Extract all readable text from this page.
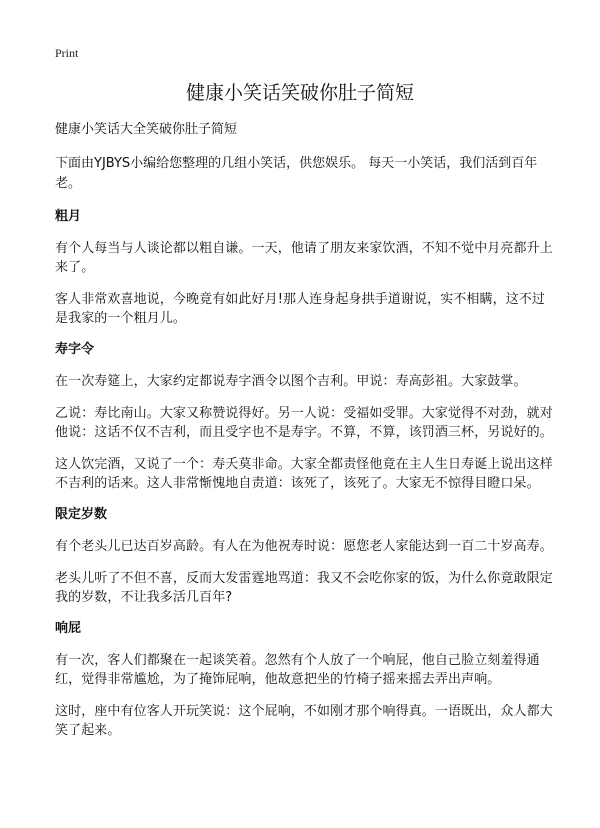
Print
健康小笑话笑破你肚子简短

健康小笑话大全笑破你肚子简短

下面由YJBYS小编给您整理的几组小笑话，供您娱乐。 每天一小笑话，我们活到百年老。

粗月

有个人每当与人谈论都以粗自谦。一天，他请了朋友来家饮酒，不知不觉中月亮都升上来了。

客人非常欢喜地说，今晚竟有如此好月!那人连身起身拱手道谢说，实不相瞒，这不过是我家的一个粗月儿。

寿字令

在一次寿筵上，大家约定都说寿字酒令以图个吉利。甲说：寿高彭祖。大家鼓掌。

乙说：寿比南山。大家又称赞说得好。另一人说：受福如受罪。大家觉得不对劲，就对他说：这话不仅不吉利，而且受字也不是寿字。不算，不算，该罚酒三杯，另说好的。

这人饮完酒，又说了一个：寿夭莫非命。大家全都责怪他竟在主人生日寿诞上说出这样不吉利的话来。这人非常惭愧地自责道：该死了，该死了。大家无不惊得目瞪口呆。

限定岁数

有个老头儿已达百岁高龄。有人在为他祝寿时说：愿您老人家能达到一百二十岁高寿。

老头儿听了不但不喜，反而大发雷霆地骂道：我又不会吃你家的饭，为什么你竟敢限定我的岁数，不让我多活几百年?

响屁

有一次，客人们都聚在一起谈笑着。忽然有个人放了一个响屁，他自己脸立刻羞得通红，觉得非常尴尬，为了掩饰屁响，他故意把坐的竹椅子摇来摇去弄出声响。

这时，座中有位客人开玩笑说：这个屁响，不如刚才那个响得真。一语既出，众人都大笑了起来。
